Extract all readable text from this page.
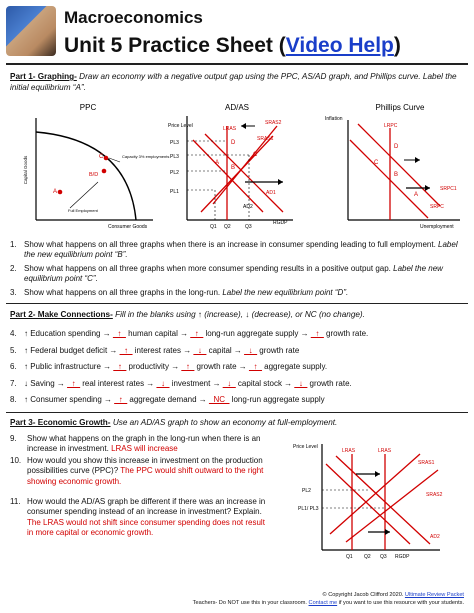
Macroeconomics
Unit 5 Practice Sheet (Video Help)
Part 1- Graphing- Draw an economy with a negative output gap using the PPC, AS/AD graph, and Phillips curve. Label the initial equilibrium “A”.
PPC
Capital Goods
Consumer Goods
A
B/D
C	Capacity 3% employments
Full Employment
AD/AS
Price Level
PL3
PL3
PL2
PL1
LRAS
SRAS2
SRAS1
AD1
AD2
A
B
C
D
RGDP
Q1 Q2	Q3
Phillips Curve
Inflation
Unemployment
LRPC
SRPC1
SRPC
C
D
B
A
1. Show what happens on all three graphs when there is an increase in consumer spending leading to full employment. Label the new equilibrium point “B”.
2. Show what happens on all three graphs when more consumer spending results in a positive output gap. Label the new equilibrium point “C”.
3. Show what happens on all three graphs in the long-run. Label the new equilibrium point “D”.
Part 2- Make Connections- Fill in the blanks using ↑ (increase), ↓ (decrease), or NC (no change).
4. ↑ Education spending → _↑_ human capital → _↑_ long-run aggregate supply → _↑_ growth rate.
5. ↑ Federal budget deficit → _↑_ interest rates → _↓_ capital → _↓_ growth rate
6. ↑ Public infrastructure → _↑_ productivity → _↑_ growth rate → _↑_ aggregate supply.
7. ↓ Saving → _↑_ real interest rates → _↓_ investment → _↓_ capital stock → _↓_ growth rate.
8. ↑ Consumer spending → _↑_ aggregate demand → _NC_ long-run aggregate supply
Part 3- Economic Growth- Use an AD/AS graph to show an economy at full-employment.
9.	Show what happens on the graph in the long-run when there is an increase in investment. LRAS will increase
10. How would you show this increase in investment on the production possibilities curve (PPC)? The PPC would shift outward to the right showing economic growth.
11. How would the AD/AS graph be different if there was an increase in consumer spending instead of an increase in investment? Explain. The LRAS would not shift since consumer spending does not result in more capital or economic growth.
Price Level
LRAS	LRAS
SRAS1
SRAS2
AD2
PL2
PL1/ PL3
Q1 Q2 Q3 RGDP
© Copyright Jacob Clifford 2020. Ultimate Review Packet
Teachers- Do NOT use this in your classroom. Contact me if you want to use this resource with your students.
